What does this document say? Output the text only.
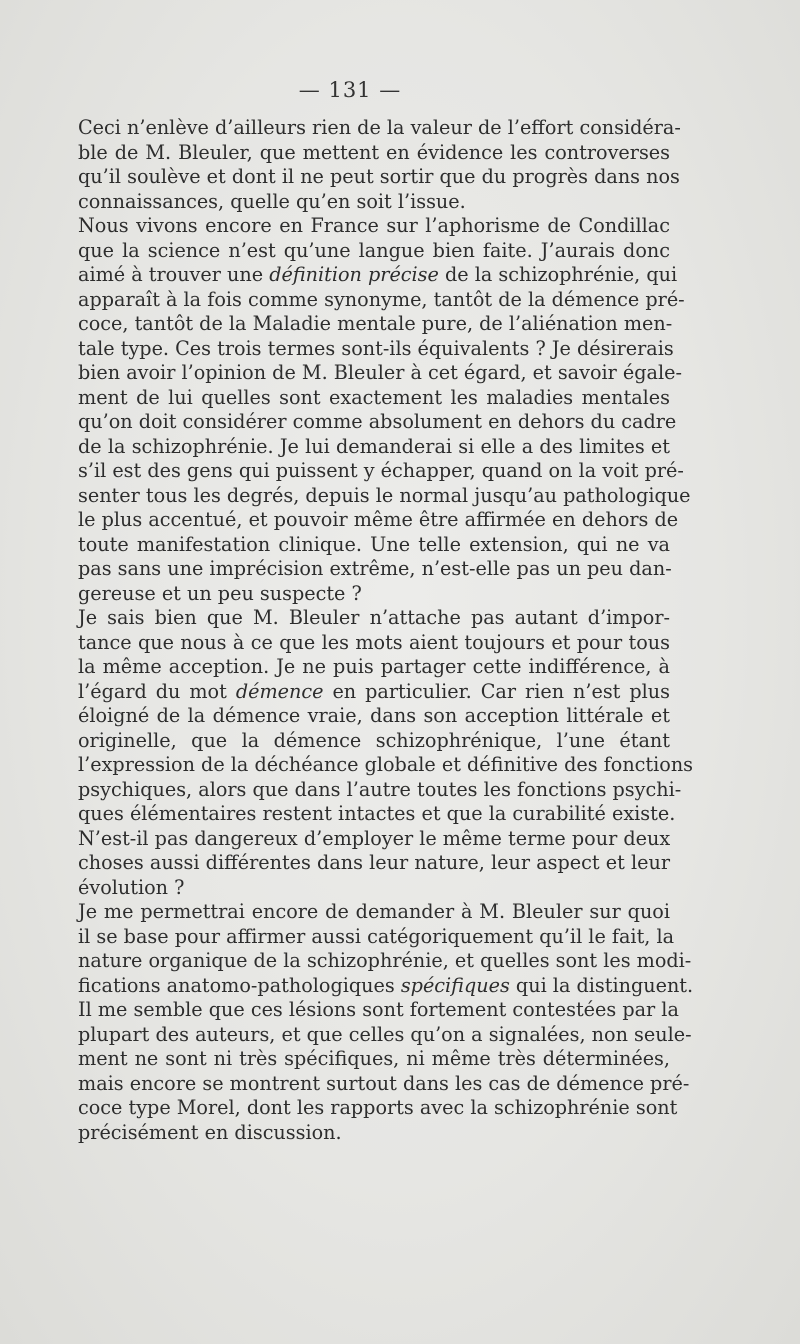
— 131 —
Ceci n’enlève d’ailleurs rien de la valeur de l’effort considéra-
ble de M. Bleuler, que mettent en évidence les controverses
qu’il soulève et dont il ne peut sortir que du progrès dans nos
connaissances, quelle qu’en soit l’issue.
Nous vivons encore en France sur l’aphorisme de Condillac
que la science n’est qu’une langue bien faite. J’aurais donc
aimé à trouver une définition précise de la schizophrénie, qui
apparaît à la fois comme synonyme, tantôt de la démence pré-
coce, tantôt de la Maladie mentale pure, de l’aliénation men-
tale type. Ces trois termes sont-ils équivalents ? Je désirerais
bien avoir l’opinion de M. Bleuler à cet égard, et savoir égale-
ment de lui quelles sont exactement les maladies mentales
qu’on doit considérer comme absolument en dehors du cadre
de la schizophrénie. Je lui demanderai si elle a des limites et
s’il est des gens qui puissent y échapper, quand on la voit pré-
senter tous les degrés, depuis le normal jusqu’au pathologique
le plus accentué, et pouvoir même être affirmée en dehors de
toute manifestation clinique. Une telle extension, qui ne va
pas sans une imprécision extrême, n’est-elle pas un peu dan-
gereuse et un peu suspecte ?
Je sais bien que M. Bleuler n’attache pas autant d’impor-
tance que nous à ce que les mots aient toujours et pour tous
la même acception. Je ne puis partager cette indifférence, à
l’égard du mot démence en particulier. Car rien n’est plus
éloigné de la démence vraie, dans son acception littérale et
originelle, que la démence schizophrénique, l’une étant
l’expression de la déchéance globale et définitive des fonctions
psychiques, alors que dans l’autre toutes les fonctions psychi-
ques élémentaires restent intactes et que la curabilité existe.
N’est-il pas dangereux d’employer le même terme pour deux
choses aussi différentes dans leur nature, leur aspect et leur
évolution ?
Je me permettrai encore de demander à M. Bleuler sur quoi
il se base pour affirmer aussi catégoriquement qu’il le fait, la
nature organique de la schizophrénie, et quelles sont les modi-
fications anatomo-pathologiques spécifiques qui la distinguent.
Il me semble que ces lésions sont fortement contestées par la
plupart des auteurs, et que celles qu’on a signalées, non seule-
ment ne sont ni très spécifiques, ni même très déterminées,
mais encore se montrent surtout dans les cas de démence pré-
coce type Morel, dont les rapports avec la schizophrénie sont
précisément en discussion.
